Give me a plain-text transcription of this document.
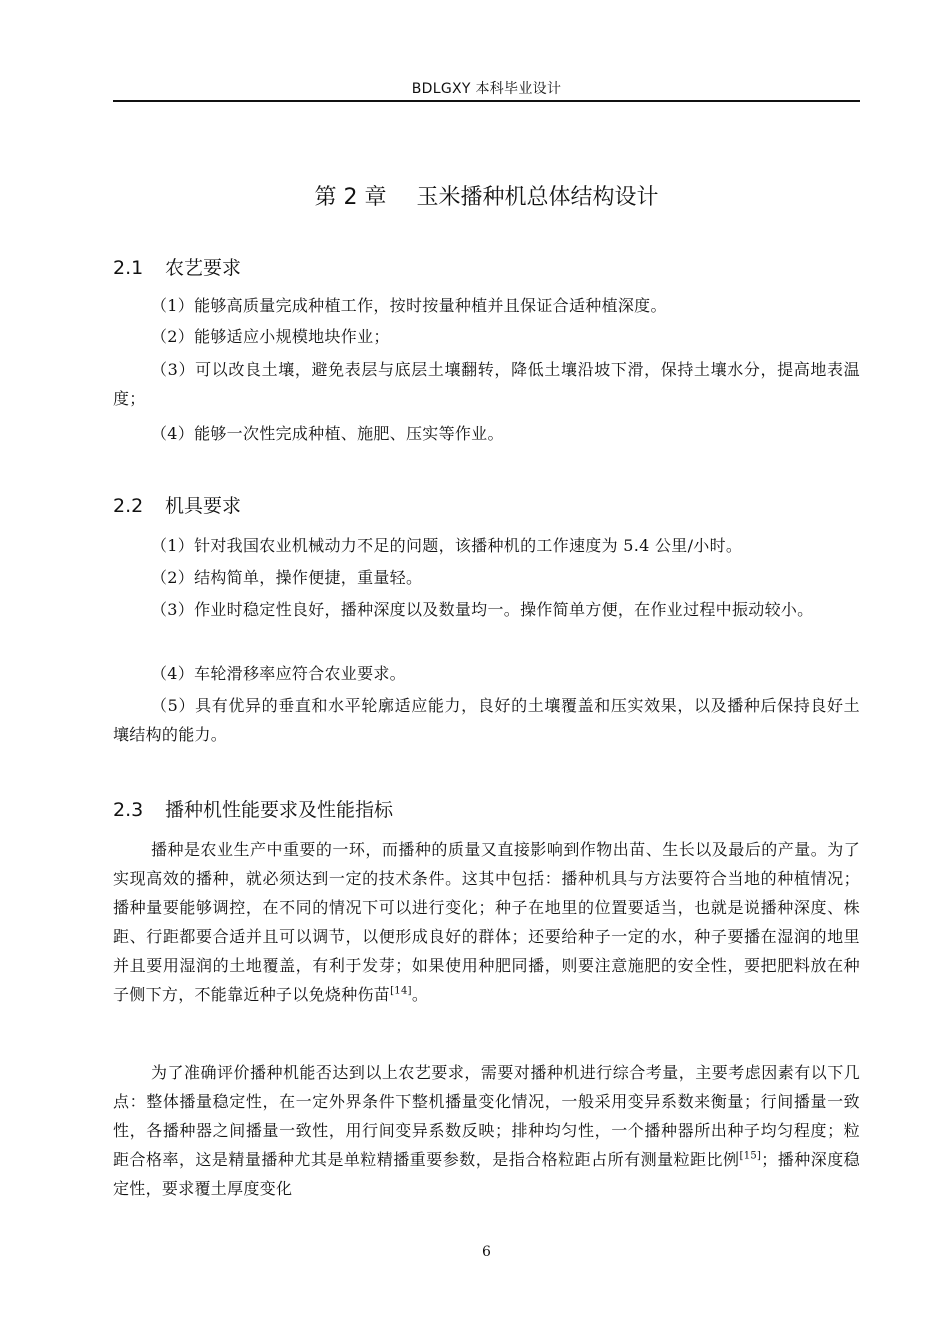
BDLGXY 本科毕业设计
第 2 章 玉米播种机总体结构设计
2.1 农艺要求
（1）能够高质量完成种植工作，按时按量种植并且保证合适种植深度。
（2）能够适应小规模地块作业；
（3）可以改良土壤，避免表层与底层土壤翻转，降低土壤沿坡下滑，保持土壤水分，提高地表温度；
（4）能够一次性完成种植、施肥、压实等作业。
2.2 机具要求
（1）针对我国农业机械动力不足的问题，该播种机的工作速度为 5.4 公里/小时。
（2）结构简单，操作便捷，重量轻。
（3）作业时稳定性良好，播种深度以及数量均一。操作简单方便，在作业过程中振动较小。
（4）车轮滑移率应符合农业要求。
（5）具有优异的垂直和水平轮廓适应能力，良好的土壤覆盖和压实效果，以及播种后保持良好土壤结构的能力。
2.3 播种机性能要求及性能指标
播种是农业生产中重要的一环，而播种的质量又直接影响到作物出苗、生长以及最后的产量。为了实现高效的播种，就必须达到一定的技术条件。这其中包括：播种机具与方法要符合当地的种植情况；播种量要能够调控，在不同的情况下可以进行变化；种子在地里的位置要适当，也就是说播种深度、株距、行距都要合适并且可以调节，以便形成良好的群体；还要给种子一定的水，种子要播在湿润的地里并且要用湿润的土地覆盖，有利于发芽；如果使用种肥同播，则要注意施肥的安全性，要把肥料放在种子侧下方，不能靠近种子以免烧种伤苗[14]。
为了准确评价播种机能否达到以上农艺要求，需要对播种机进行综合考量，主要考虑因素有以下几点：整体播量稳定性，在一定外界条件下整机播量变化情况，一般采用变异系数来衡量；行间播量一致性，各播种器之间播量一致性，用行间变异系数反映；排种均匀性，一个播种器所出种子均匀程度；粒距合格率，这是精量播种尤其是单粒精播重要参数，是指合格粒距占所有测量粒距比例[15]；播种深度稳定性，要求覆土厚度变化
6
